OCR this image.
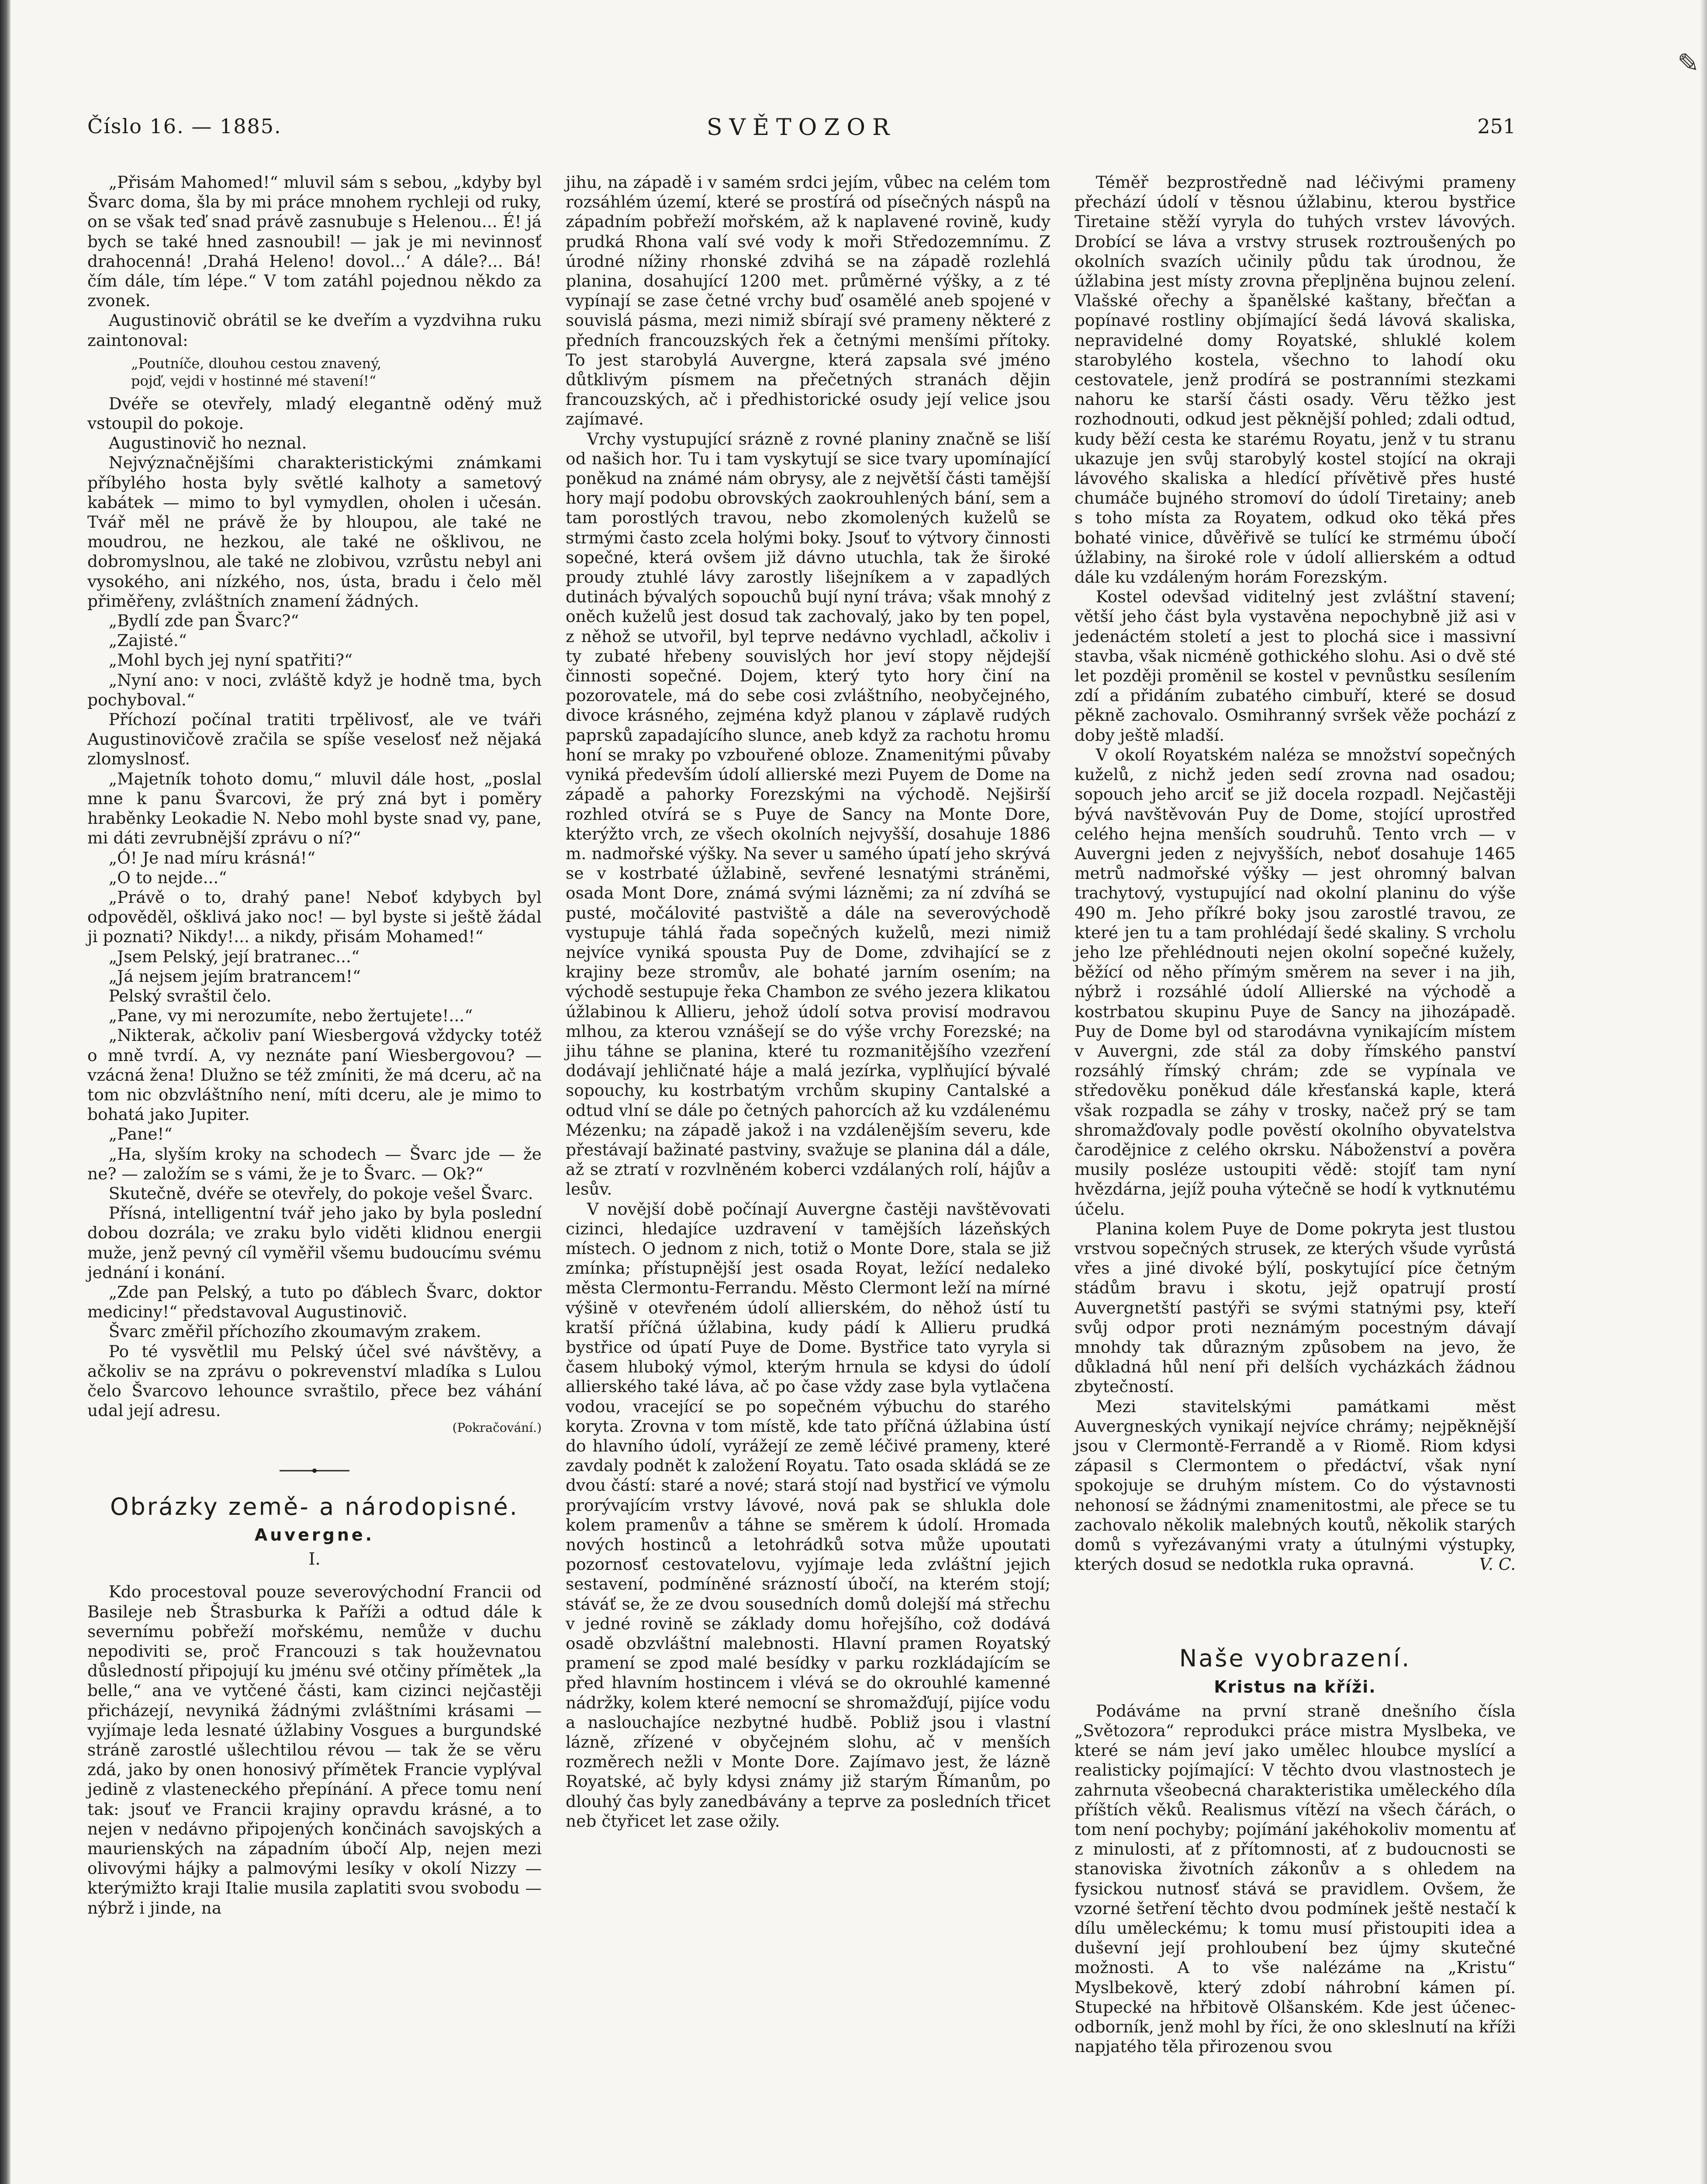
✎
Číslo 16. — 1885.	SVĚTOZOR	251

„Přisám Mahomed!“ mluvil sám s sebou, „kdyby byl Švarc doma, šla by mi práce mnohem rychleji od ruky, on se však teď snad právě zasnubuje s Helenou... É! já bych se také hned zasnoubil! — jak je mi nevinnosť drahocenná! ‚Drahá Heleno! dovol...‘ A dále?... Bá! čím dále, tím lépe.“ V tom zatáhl pojednou někdo za zvonek.

Augustinovič obrátil se ke dveřím a vyzdvihna ruku zaintonoval:

„Poutníče, dlouhou cestou znavený,
pojď, vejdi v hostinné mé stavení!“

Dvéře se otevřely, mladý elegantně oděný muž vstoupil do pokoje.

Augustinovič ho neznal.

Nejvýznačnějšími charakteristickými známkami příbylého hosta byly světlé kalhoty a sametový kabátek — mimo to byl vymydlen, oholen i učesán. Tvář měl ne právě že by hloupou, ale také ne moudrou, ne hezkou, ale také ne ošklivou, ne dobromyslnou, ale také ne zlobivou, vzrůstu nebyl ani vysokého, ani nízkého, nos, ústa, bradu i čelo měl přiměřeny, zvláštních znamení žádných.

„Bydlí zde pan Švarc?“

„Zajisté.“

„Mohl bych jej nyní spatřiti?“

„Nyní ano: v noci, zvláště když je hodně tma, bych pochyboval.“

Příchozí počínal tratiti trpělivosť, ale ve tváři Augustinovičově zračila se spíše veselosť než nějaká zlomyslnosť.

„Majetník tohoto domu,“ mluvil dále host, „poslal mne k panu Švarcovi, že prý zná byt i poměry hraběnky Leokadie N. Nebo mohl byste snad vy, pane, mi dáti zevrubnější zprávu o ní?“

„Ó! Je nad míru krásná!“

„O to nejde...“

„Právě o to, drahý pane! Neboť kdybych byl odpověděl, ošklivá jako noc! — byl byste si ještě žádal ji poznati? Nikdy!... a nikdy, přisám Mohamed!“

„Jsem Pelský, její bratranec...“

„Já nejsem jejím bratrancem!“

Pelský svraštil čelo.

„Pane, vy mi nerozumíte, nebo žertujete!...“

„Nikterak, ačkoliv paní Wiesbergová vždycky totéž o mně tvrdí. A, vy neznáte paní Wiesbergovou? — vzácná žena! Dlužno se též zmíniti, že má dceru, ač na tom nic obzvláštního není, míti dceru, ale je mimo to bohatá jako Jupiter.

„Pane!“

„Ha, slyším kroky na schodech — Švarc jde — že ne? — založím se s vámi, že je to Švarc. — Ok?“

Skutečně, dvéře se otevřely, do pokoje vešel Švarc.

Přísná, intelligentní tvář jeho jako by byla poslední dobou dozrála; ve zraku bylo viděti klidnou energii muže, jenž pevný cíl vyměřil všemu budoucímu svému jednání i konání.

„Zde pan Pelský, a tuto po ďáblech Švarc, doktor mediciny!“ představoval Augustinovič.

Švarc změřil příchozího zkoumavým zrakem.

Po té vysvětlil mu Pelský účel své návštěvy, a ačkoliv se na zprávu o pokrevenství mladíka s Lulou čelo Švarcovo lehounce svraštilo, přece bez váhání udal její adresu.

(Pokračování.)
Obrázky země- a národopisné.
Auvergne.
I.

Kdo procestoval pouze severovýchodní Francii od Basileje neb Štrasburka k Paříži a odtud dále k severnímu pobřeží mořskému, nemůže v duchu nepodiviti se, proč Francouzi s tak houževnatou důsledností připojují ku jménu své otčiny přímětek „la belle,“ ana ve vytčené části, kam cizinci nejčastěji přicházejí, nevyniká žádnými zvláštními krásami — vyjímaje leda lesnaté úžlabiny Vosgues a burgundské stráně zarostlé ušlechtilou révou — tak že se věru zdá, jako by onen honosivý přímětek Francie vyplýval jedině z vlasteneckého přepínání. A přece tomu není tak: jsouť ve Francii krajiny opravdu krásné, a to nejen v nedávno připojených končinách savojských a maurienských na západním úbočí Alp, nejen mezi olivovými hájky a palmovými lesíky v okolí Nizzy — kterýmižto kraji Italie musila zaplatiti svou svobodu — nýbrž i jinde, na

jihu, na západě i v samém srdci jejím, vůbec na celém tom rozsáhlém území, které se prostírá od písečných náspů na západním pobřeží mořském, až k naplavené rovině, kudy prudká Rhona valí své vody k moři Středozemnímu. Z úrodné nížiny rhonské zdvihá se na západě rozlehlá planina, dosahující 1200 met. průměrné výšky, a z té vypínají se zase četné vrchy buď osamělé aneb spojené v souvislá pásma, mezi nimiž sbírají své prameny některé z předních francouzských řek a četnými menšími přítoky. To jest starobylá Auvergne, která zapsala své jméno důtklivým písmem na přečetných stranách dějin francouzských, ač i předhistorické osudy její velice jsou zajímavé.

Vrchy vystupující srázně z rovné planiny značně se liší od našich hor. Tu i tam vyskytují se sice tvary upomínající poněkud na známé nám obrysy, ale z největší části tamější hory mají podobu obrovských zaokrouhlených bání, sem a tam porostlých travou, nebo zkomolených kuželů se strmými často zcela holými boky. Jsouť to výtvory činnosti sopečné, která ovšem již dávno utuchla, tak že široké proudy ztuhlé lávy zarostly lišejníkem a v zapadlých dutinách bývalých sopouchů bují nyní tráva; však mnohý z oněch kuželů jest dosud tak zachovalý, jako by ten popel, z něhož se utvořil, byl teprve nedávno vychladl, ačkoliv i ty zubaté hřebeny souvislých hor jeví stopy nějdejší činnosti sopečné. Dojem, který tyto hory činí na pozorovatele, má do sebe cosi zvláštního, neobyčejného, divoce krásného, zejména když planou v záplavě rudých paprsků zapadajícího slunce, aneb když za rachotu hromu honí se mraky po vzbouřené obloze. Znamenitými půvaby vyniká především údolí allierské mezi Puyem de Dome na západě a pahorky Forezskými na východě. Nejširší rozhled otvírá se s Puye de Sancy na Monte Dore, kterýžto vrch, ze všech okolních nejvyšší, dosahuje 1886 m. nadmořské výšky. Na sever u samého úpatí jeho skrývá se v kostrbaté úžlabině, sevřené lesnatými stráněmi, osada Mont Dore, známá svými lázněmi; za ní zdvíhá se pusté, močálovité pastviště a dále na severovýchodě vystupuje táhlá řada sopečných kuželů, mezi nimiž nejvíce vyniká spousta Puy de Dome, zdvihající se z krajiny beze stromův, ale bohaté jarním osením; na východě sestupuje řeka Chambon ze svého jezera klikatou úžlabinou k Allieru, jehož údolí sotva provisí modravou mlhou, za kterou vznášejí se do výše vrchy Forezské; na jihu táhne se planina, které tu rozmanitějšího vzezření dodávají jehličnaté háje a malá jezírka, vyplňující bývalé sopouchy, ku kostrbatým vrchům skupiny Cantalské a odtud vlní se dále po četných pahorcích až ku vzdálenému Mézenku; na západě jakož i na vzdálenějším severu, kde přestávají bažinaté pastviny, svažuje se planina dál a dále, až se ztratí v rozvlněném koberci vzdálaných rolí, hájův a lesův.

V novější době počínají Auvergne častěji navštěvovati cizinci, hledajíce uzdravení v tamějších lázeňských místech. O jednom z nich, totiž o Monte Dore, stala se již zmínka; přístupnější jest osada Royat, ležící nedaleko města Clermontu-Ferrandu. Město Clermont leží na mírné výšině v otevřeném údolí allierském, do něhož ústí tu kratší příčná úžlabina, kudy pádí k Allieru prudká bystřice od úpatí Puye de Dome. Bystřice tato vyryla si časem hluboký výmol, kterým hrnula se kdysi do údolí allierského také láva, ač po čase vždy zase byla vytlačena vodou, vracející se po sopečném výbuchu do starého koryta. Zrovna v tom místě, kde tato příčná úžlabina ústí do hlavního údolí, vyrážejí ze země léčivé prameny, které zavdaly podnět k založení Royatu. Tato osada skládá se ze dvou částí: staré a nové; stará stojí nad bystřicí ve výmolu prorývajícím vrstvy lávové, nová pak se shlukla dole kolem pramenův a táhne se směrem k údolí. Hromada nových hostinců a letohrádků sotva může upoutati pozornosť cestovatelovu, vyjímaje leda zvláštní jejich sestavení, podmíněné srázností úbočí, na kterém stojí; stáváť se, že ze dvou sousedních domů dolejší má střechu v jedné rovině se základy domu hořejšího, což dodává osadě obzvláštní malebnosti. Hlavní pramen Royatský pramení se zpod malé besídky v parku rozkládajícím se před hlavním hostincem i vlévá se do okrouhlé kamenné nádržky, kolem které nemocní se shromažďují, pijíce vodu a naslouchajíce nezbytné hudbě. Pobliž jsou i vlastní lázně, zřízené v obyčejném slohu, ač v menších rozměrech nežli v Monte Dore. Zajímavo jest, že lázně Royatské, ač byly kdysi známy již starým Římanům, po dlouhý čas byly zanedbávány a teprve za posledních třicet neb čtyřicet let zase ožily.

Téměř bezprostředně nad léčivými prameny přechází údolí v těsnou úžlabinu, kterou bystřice Tiretaine stěží vyryla do tuhých vrstev lávových. Drobící se láva a vrstvy strusek roztroušených po okolních svazích učinily půdu tak úrodnou, že úžlabina jest místy zrovna přepljněna bujnou zelení. Vlašské ořechy a španělské kaštany, břečťan a popínavé rostliny objímající šedá lávová skaliska, nepravidelné domy Royatské, shluklé kolem starobylého kostela, všechno to lahodí oku cestovatele, jenž prodírá se postranními stezkami nahoru ke starší části osady. Věru těžko jest rozhodnouti, odkud jest pěknější pohled; zdali odtud, kudy běží cesta ke starému Royatu, jenž v tu stranu ukazuje jen svůj starobylý kostel stojící na okraji lávového skaliska a hledící přívětivě přes husté chumáče bujného stromoví do údolí Tiretainy; aneb s toho místa za Royatem, odkud oko těká přes bohaté vinice, důvěřivě se tulící ke strmému úbočí úžlabiny, na široké role v údolí allierském a odtud dále ku vzdáleným horám Forezským.

Kostel odevšad viditelný jest zvláštní stavení; větší jeho část byla vystavěna nepochybně již asi v jedenáctém století a jest to plochá sice i massivní stavba, však nicméně gothického slohu. Asi o dvě sté let později proměnil se kostel v pevnůstku sesílením zdí a přidáním zubatého cimbuří, které se dosud pěkně zachovalo. Osmihranný svršek věže pochází z doby ještě mladší.

V okolí Royatském naléza se množství sopečných kuželů, z nichž jeden sedí zrovna nad osadou; sopouch jeho arciť se již docela rozpadl. Nejčastěji bývá navštěvován Puy de Dome, stojící uprostřed celého hejna menších soudruhů. Tento vrch — v Auvergni jeden z nejvyšších, neboť dosahuje 1465 metrů nadmořské výšky — jest ohromný balvan trachytový, vystupující nad okolní planinu do výše 490 m. Jeho příkré boky jsou zarostlé travou, ze které jen tu a tam prohlédají šedé skaliny. S vrcholu jeho lze přehlédnouti nejen okolní sopečné kužely, běžící od něho přímým směrem na sever i na jih, nýbrž i rozsáhlé údolí Allierské na východě a kostrbatou skupinu Puye de Sancy na jihozápadě. Puy de Dome byl od starodávna vynikajícím místem v Auvergni, zde stál za doby římského panství rozsáhlý římský chrám; zde se vypínala ve středověku poněkud dále křesťanská kaple, která však rozpadla se záhy v trosky, načež prý se tam shromažďovaly podle pověstí okolního obyvatelstva čarodějnice z celého okrsku. Náboženství a pověra musily posléze ustoupiti vědě: stojíť tam nyní hvězdárna, jejíž pouha výtečně se hodí k vytknutému účelu.

Planina kolem Puye de Dome pokryta jest tlustou vrstvou sopečných strusek, ze kterých všude vyrůstá vřes a jiné divoké býlí, poskytující píce četným stádům bravu i skotu, jejž opatrují prostí Auvergnetští pastýři se svými statnými psy, kteří svůj odpor proti neznámým pocestným dávají mnohdy tak důrazným způsobem na jevo, že důkladná hůl není při delších vycházkách žádnou zbytečností.

Mezi stavitelskými památkami měst Auvergneských vynikají nejvíce chrámy; nejpěknější jsou v Clermontě-Ferrandě a v Riomě. Riom kdysi zápasil s Clermontem o předáctví, však nyní spokojuje se druhým místem. Co do výstavnosti nehonosí se žádnými znamenitostmi, ale přece se tu zachovalo několik malebných koutů, několik starých domů s vyřezávanými vraty a útulnými výstupky, kterých dosud se nedotkla ruka opravná.	V. C.

Naše vyobrazení.
Kristus na kříži.

Podáváme na první straně dnešního čísla „Světozora“ reprodukci práce mistra Myslbeka, ve které se nám jeví jako umělec hloubce myslící a realisticky pojímající: V těchto dvou vlastnostech je zahrnuta všeobecná charakteristika uměleckého díla příštích věků. Realismus vítězí na všech čárách, o tom není pochyby; pojímání jakéhokoliv momentu ať z minulosti, ať z přítomnosti, ať z budoucnosti se stanoviska životních zákonův a s ohledem na fysickou nutnosť stává se pravidlem. Ovšem, že vzorné šetření těchto dvou podmínek ještě nestačí k dílu uměleckému; k tomu musí přistoupiti idea a duševní její prohloubení bez újmy skutečné možnosti. A to vše nalézáme na „Kristu“ Myslbekově, který zdobí náhrobní kámen pí. Stupecké na hřbitově Olšanském. Kde jest účenec-odborník, jenž mohl by říci, že ono skleslnutí na kříži napjatého těla přirozenou svou
